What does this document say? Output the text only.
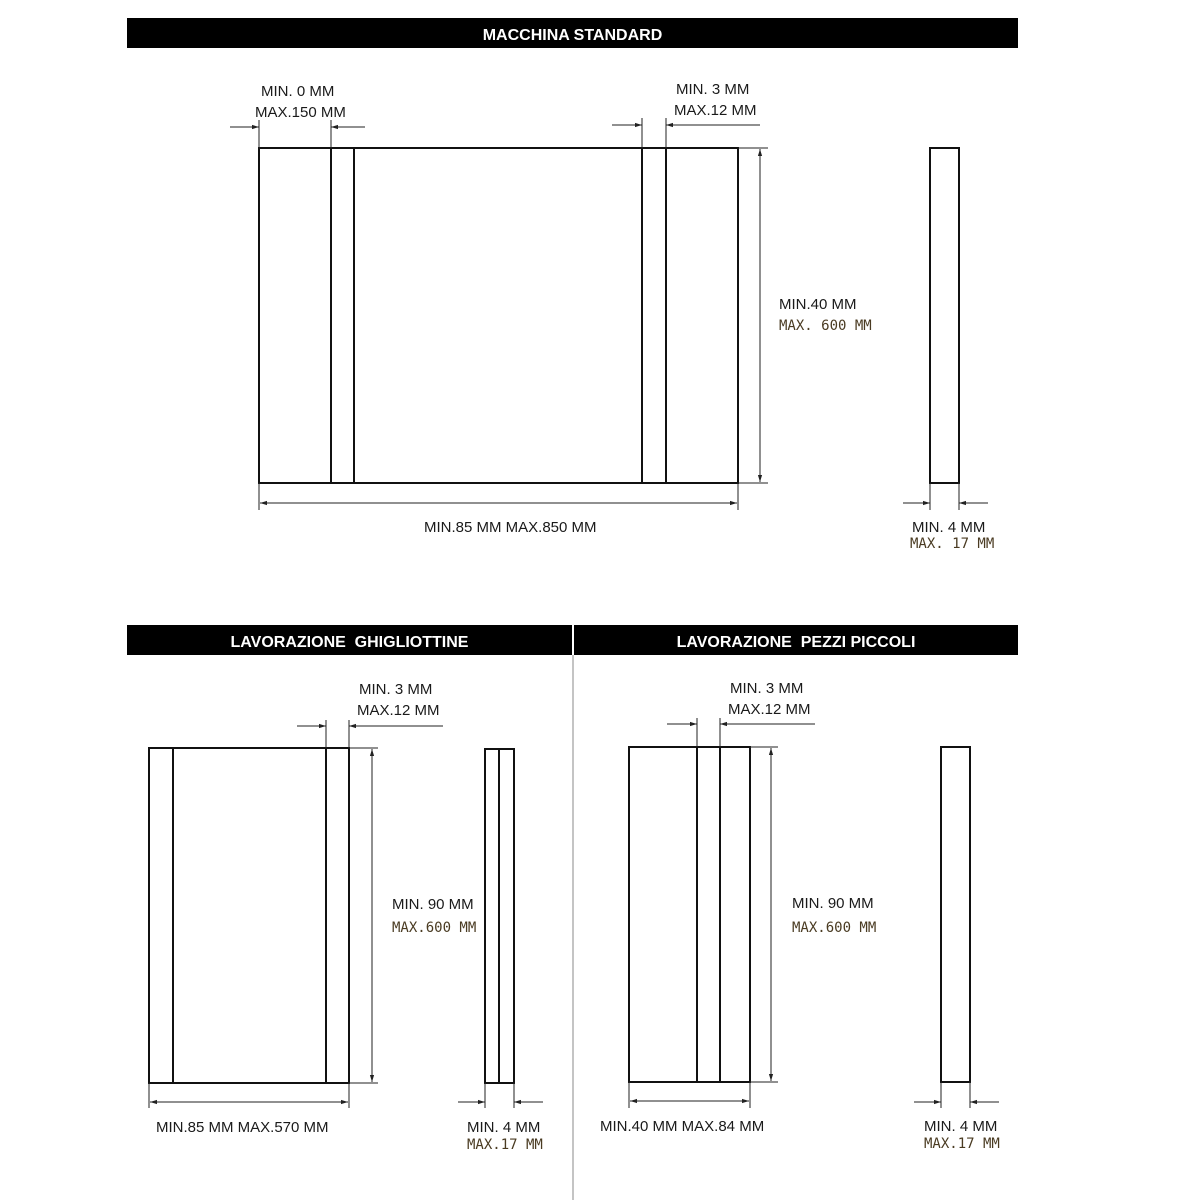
MACCHINA STANDARD
LAVORAZIONE  GHIGLIOTTINE	LAVORAZIONE  PEZZI PICCOLI
MIN. 0 MM
MAX.150 MM
MIN. 3 MM
MAX.12 MM
MIN.40 MM
MAX. 600 MM
MIN.85 MM MAX.850 MM	MIN. 4 MM
MAX. 17 MM
MIN. 3 MM
MAX.12 MM
MIN. 90 MM
MAX.600 MM
MIN.85 MM MAX.570 MM	MIN. 4 MM
MAX.17 MM
MIN. 3 MM
MAX.12 MM
MIN. 90 MM
MAX.600 MM
MIN.40 MM MAX.84 MM	MIN. 4 MM
MAX.17 MM
